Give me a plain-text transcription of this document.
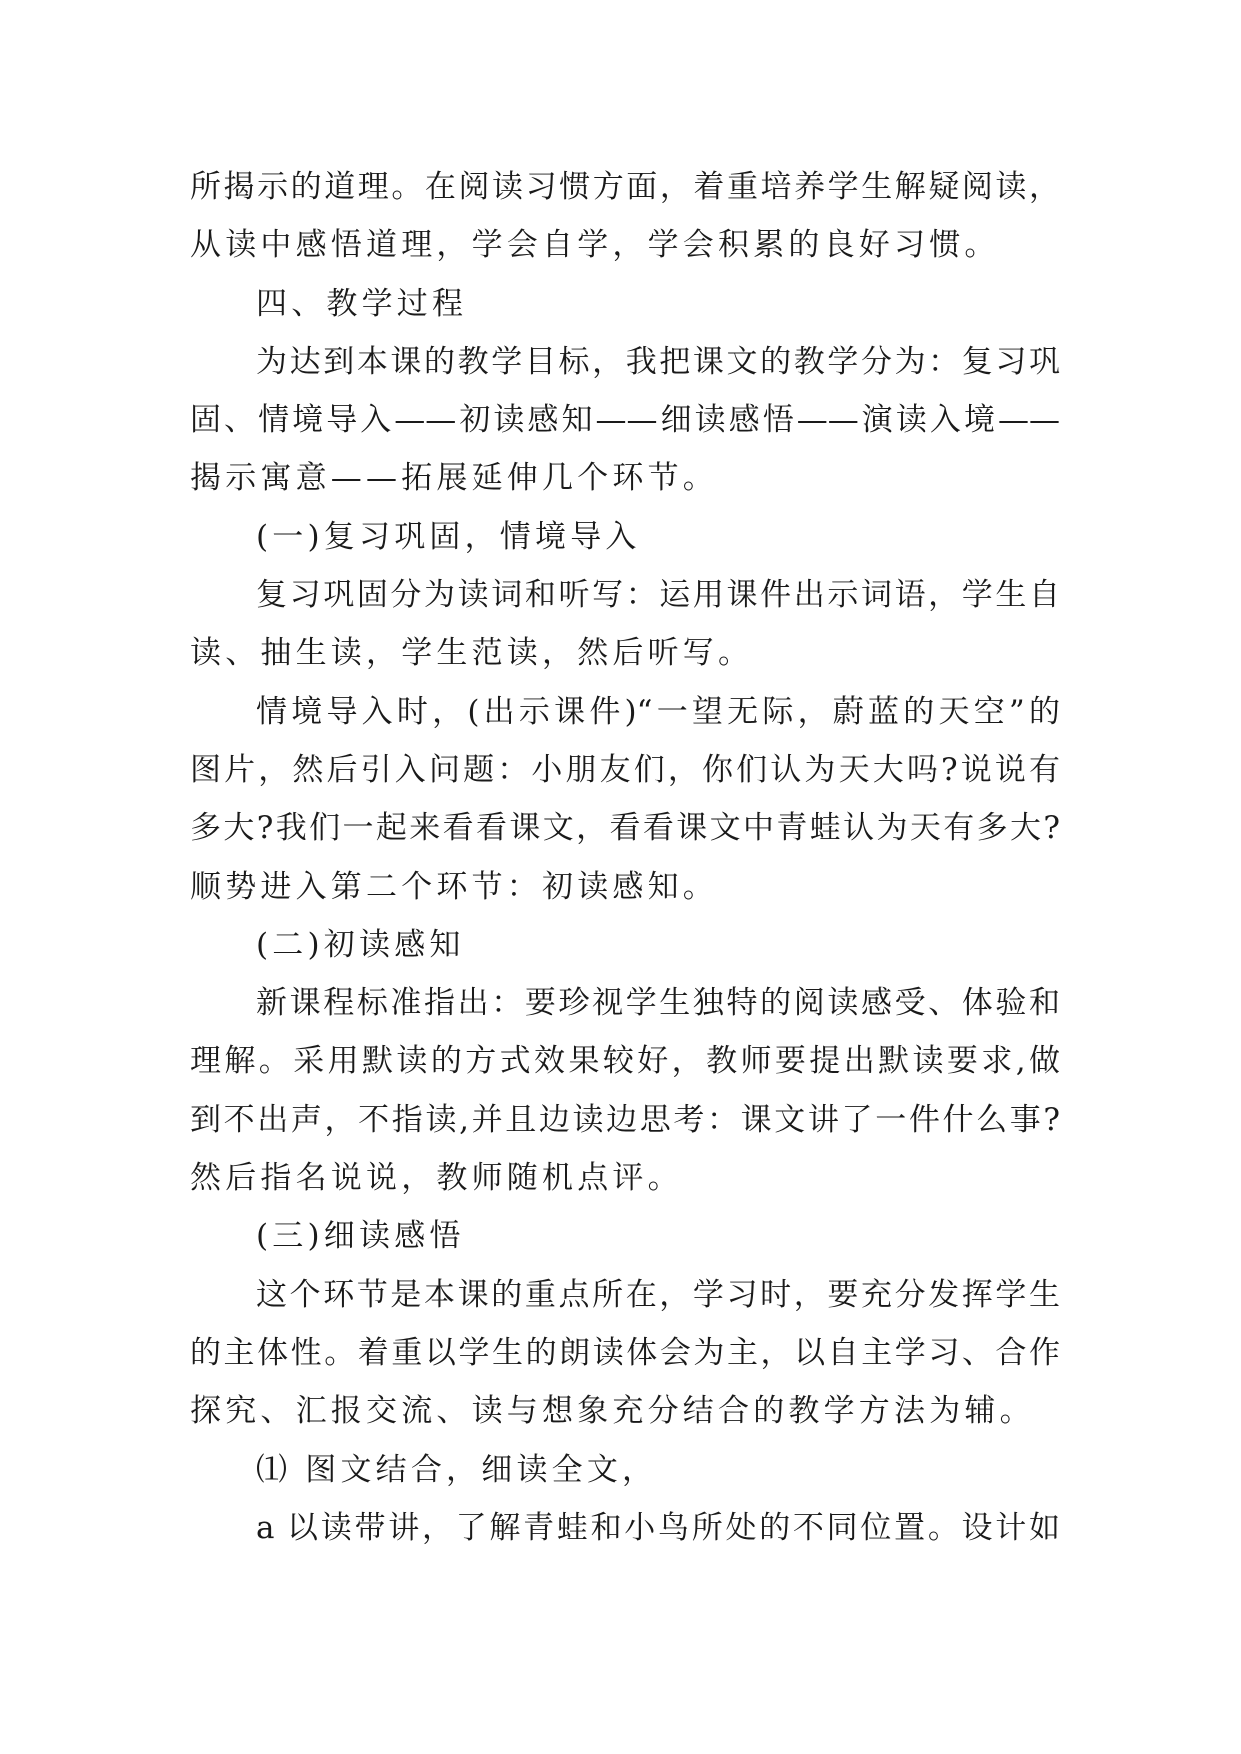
所揭示的道理。在阅读习惯方面，着重培养学生解疑阅读，
从读中感悟道理，学会自学，学会积累的良好习惯。
四、教学过程
为达到本课的教学目标，我把课文的教学分为：复习巩
固、情境导入——初读感知——细读感悟——演读入境——
揭示寓意——拓展延伸几个环节。
(一)复习巩固，情境导入
复习巩固分为读词和听写：运用课件出示词语，学生自
读、抽生读，学生范读，然后听写。
情境导入时，(出示课件)“一望无际，蔚蓝的天空”的
图片，然后引入问题：小朋友们，你们认为天大吗?说说有
多大?我们一起来看看课文，看看课文中青蛙认为天有多大?
顺势进入第二个环节：初读感知。
(二)初读感知
新课程标准指出：要珍视学生独特的阅读感受、体验和
理解。采用默读的方式效果较好，教师要提出默读要求,做
到不出声，不指读,并且边读边思考：课文讲了一件什么事?
然后指名说说，教师随机点评。
(三)细读感悟
这个环节是本课的重点所在，学习时，要充分发挥学生
的主体性。着重以学生的朗读体会为主，以自主学习、合作
探究、汇报交流、读与想象充分结合的教学方法为辅。
⑴ 图文结合，细读全文，
a 以读带讲，了解青蛙和小鸟所处的不同位置。设计如
